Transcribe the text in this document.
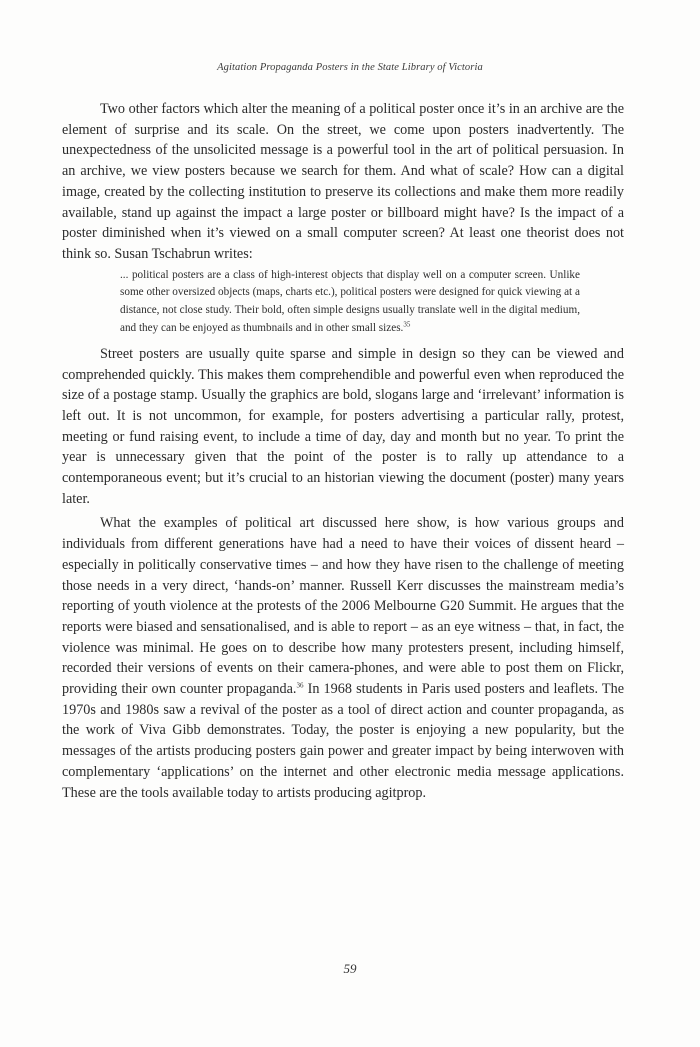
Agitation Propaganda Posters in the State Library of Victoria

Two other factors which alter the meaning of a political poster once it’s in an archive are the element of surprise and its scale. On the street, we come upon posters inadvertently. The unexpectedness of the unsolicited message is a powerful tool in the art of political persuasion. In an archive, we view posters because we search for them. And what of scale? How can a digital image, created by the collecting institution to preserve its collections and make them more readily available, stand up against the impact a large poster or billboard might have? Is the impact of a poster diminished when it’s viewed on a small computer screen? At least one theorist does not think so. Susan Tschabrun writes:

... political posters are a class of high-interest objects that display well on a computer screen. Unlike some other oversized objects (maps, charts etc.), political posters were designed for quick viewing at a distance, not close study. Their bold, often simple designs usually translate well in the digital medium, and they can be enjoyed as thumbnails and in other small sizes.$^{35}$

Street posters are usually quite sparse and simple in design so they can be viewed and comprehended quickly. This makes them comprehendible and powerful even when reproduced the size of a postage stamp. Usually the graphics are bold, slogans large and ‘irrelevant’ information is left out. It is not uncommon, for example, for posters advertising a particular rally, protest, meeting or fund raising event, to include a time of day, day and month but no year. To print the year is unnecessary given that the point of the poster is to rally up attendance to a contemporaneous event; but it’s crucial to an historian viewing the document (poster) many years later.

What the examples of political art discussed here show, is how various groups and individuals from different generations have had a need to have their voices of dissent heard – especially in politically conservative times – and how they have risen to the challenge of meeting those needs in a very direct, ‘hands-on’ manner. Russell Kerr discusses the mainstream media’s reporting of youth violence at the protests of the 2006 Melbourne G20 Summit. He argues that the reports were biased and sensationalised, and is able to report – as an eye witness – that, in fact, the violence was minimal. He goes on to describe how many protesters present, including himself, recorded their versions of events on their camera-phones, and were able to post them on Flickr, providing their own counter propaganda.$^{36}$ In 1968 students in Paris used posters and leaflets. The 1970s and 1980s saw a revival of the poster as a tool of direct action and counter propaganda, as the work of Viva Gibb demonstrates. Today, the poster is enjoying a new popularity, but the messages of the artists producing posters gain power and greater impact by being interwoven with complementary ‘applications’ on the internet and other electronic media message applications. These are the tools available today to artists producing agitprop.

59
